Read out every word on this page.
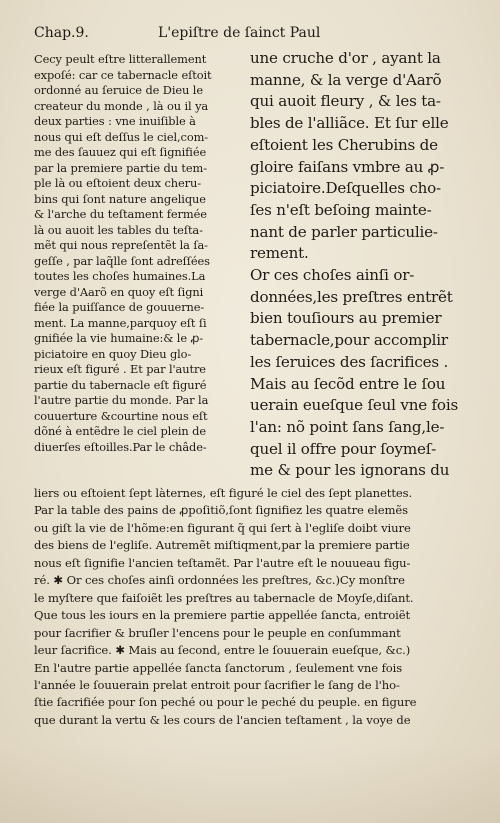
Chap.9.	L'epiſtre de ſainct Paul
Cecy peult eſtre litterallement
expoſé: car ce tabernacle eſtoit
ordonné au ſeruice de Dieu le
createur du monde , là ou il ya
deux parties : vne inuiſible à
nous qui eſt deſſus le ciel,com-
me des ſauuez qui eſt ſignifiée
par la premiere partie du tem-
ple là ou eſtoient deux cheru-
bins qui ſont nature angelique
& l'arche du teſtament fermée
là ou auoit les tables du teſta-
mẽt qui nous repreſentẽt la ſa-
geſſe , par laq̃lle ſont adreſſées
toutes les choſes humaines.La
verge d'Aarõ en quoy eſt ſigni
fiée la puiſſance de gouuerne-
ment. La manne,parquoy eſt ſi
gnifiée la vie humaine:& le ꝓ-
piciatoire en quoy Dieu glo-
rieux eſt figuré . Et par l'autre
partie du tabernacle eſt figuré
l'autre partie du monde. Par la
couuerture &courtine nous eſt
dõné à entẽdre le ciel plein de
diuerſes eſtoilles.Par le châde-
une cruche d'or , ayant la
manne, & la verge d'Aarõ
qui auoit fleury , & les ta-
bles de l'alliãce. Et ſur elle
eſtoient les Cherubins de
gloire faiſans vmbre au ꝓ-
piciatoire.Deſquelles cho-
ſes n'eſt beſoing mainte-
nant de parler particulie-
rement.
Or ces choſes ainſi or-
données,les preſtres entrẽt
bien touſiours au premier
tabernacle,pour accomplir
les ſeruices des ſacrifices .
Mais au ſecõd entre le ſou
uerain eueſque ſeul vne fois
l'an: nõ point ſans ſang,le-
quel il offre pour ſoymeſ-
me & pour les ignorans du
liers ou eſtoient ſept làternes, eſt figuré le ciel des ſept planettes.
Par la table des pains de ꝓpoſitiõ,ſont ſignifiez les quatre elemẽs
ou giſt la vie de l'hõme:en figurant q̃ qui ſert à l'egliſe doibt viure
des biens de l'egliſe. Autremẽt miſtiqment,par la premiere partie
nous eſt ſignifie l'ancien teſtamẽt. Par l'autre eſt le nouueau figu-
ré. ✱ Or ces choſes ainſi ordonnées les preſtres, &c.)Cy monſtre
le myſtere que faiſoiẽt les preſtres au tabernacle de Moyſe,diſant.
Que tous les iours en la premiere partie appellée ſancta, entroiẽt
pour ſacrifier & bruſler l'encens pour le peuple en conſummant
leur ſacrifice. ✱ Mais au ſecond, entre le ſouuerain eueſque, &c.)
En l'autre partie appellée ſancta ſanctorum , ſeulement vne fois
l'année le ſouuerain prelat entroit pour ſacrifier le ſang de l'ho-
ſtie ſacrifiée pour ſon peché ou pour le peché du peuple. en figure
que durant la vertu & les cours de l'ancien teſtament , la voye de
